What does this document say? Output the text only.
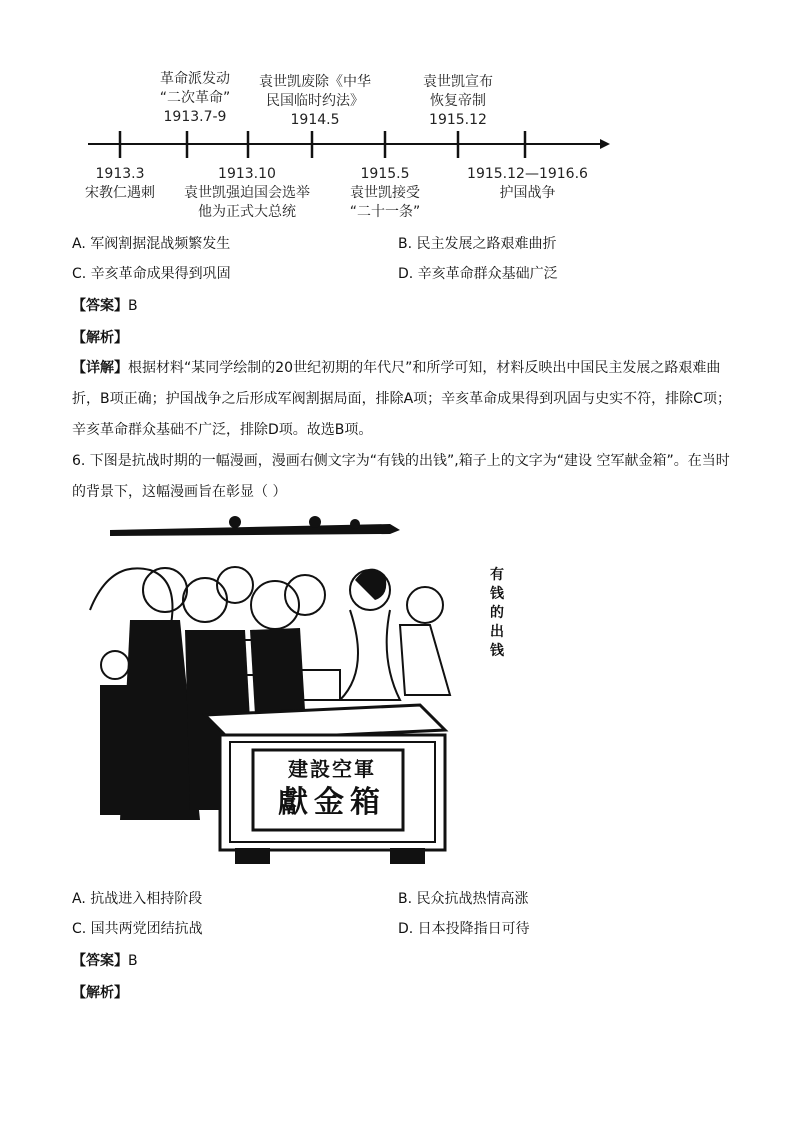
革命派发动
“二次革命”
1913.7-9
袁世凯废除《中华
民国临时约法》
1914.5
袁世凯宣布
恢复帝制
1915.12
1913.3
宋教仁遇刺
1913.10
袁世凯强迫国会选举
他为正式大总统
1915.5
袁世凯接受
“二十一条”
1915.12—1916.6
护国战争
A. 军阀割据混战频繁发生	B. 民主发展之路艰难曲折
C. 辛亥革命成果得到巩固	D. 辛亥革命群众基础广泛
【答案】B
【解析】
【详解】根据材料“某同学绘制的20世纪初期的年代尺”和所学可知，材料反映出中国民主发展之路艰难曲折，B项正确；护国战争之后形成军阀割据局面，排除A项；辛亥革命成果得到巩固与史实不符，排除C项；辛亥革命群众基础不广泛，排除D项。故选B项。
6. 下图是抗战时期的一幅漫画，漫画右侧文字为“有钱的出钱”,箱子上的文字为“建设 空军献金箱”。在当时的背景下，这幅漫画旨在彰显（ ）
建設空軍
獻金箱
有
钱
的
出
钱
A. 抗战进入相持阶段	B. 民众抗战热情高涨
C. 国共两党团结抗战	D. 日本投降指日可待
【答案】B
【解析】
